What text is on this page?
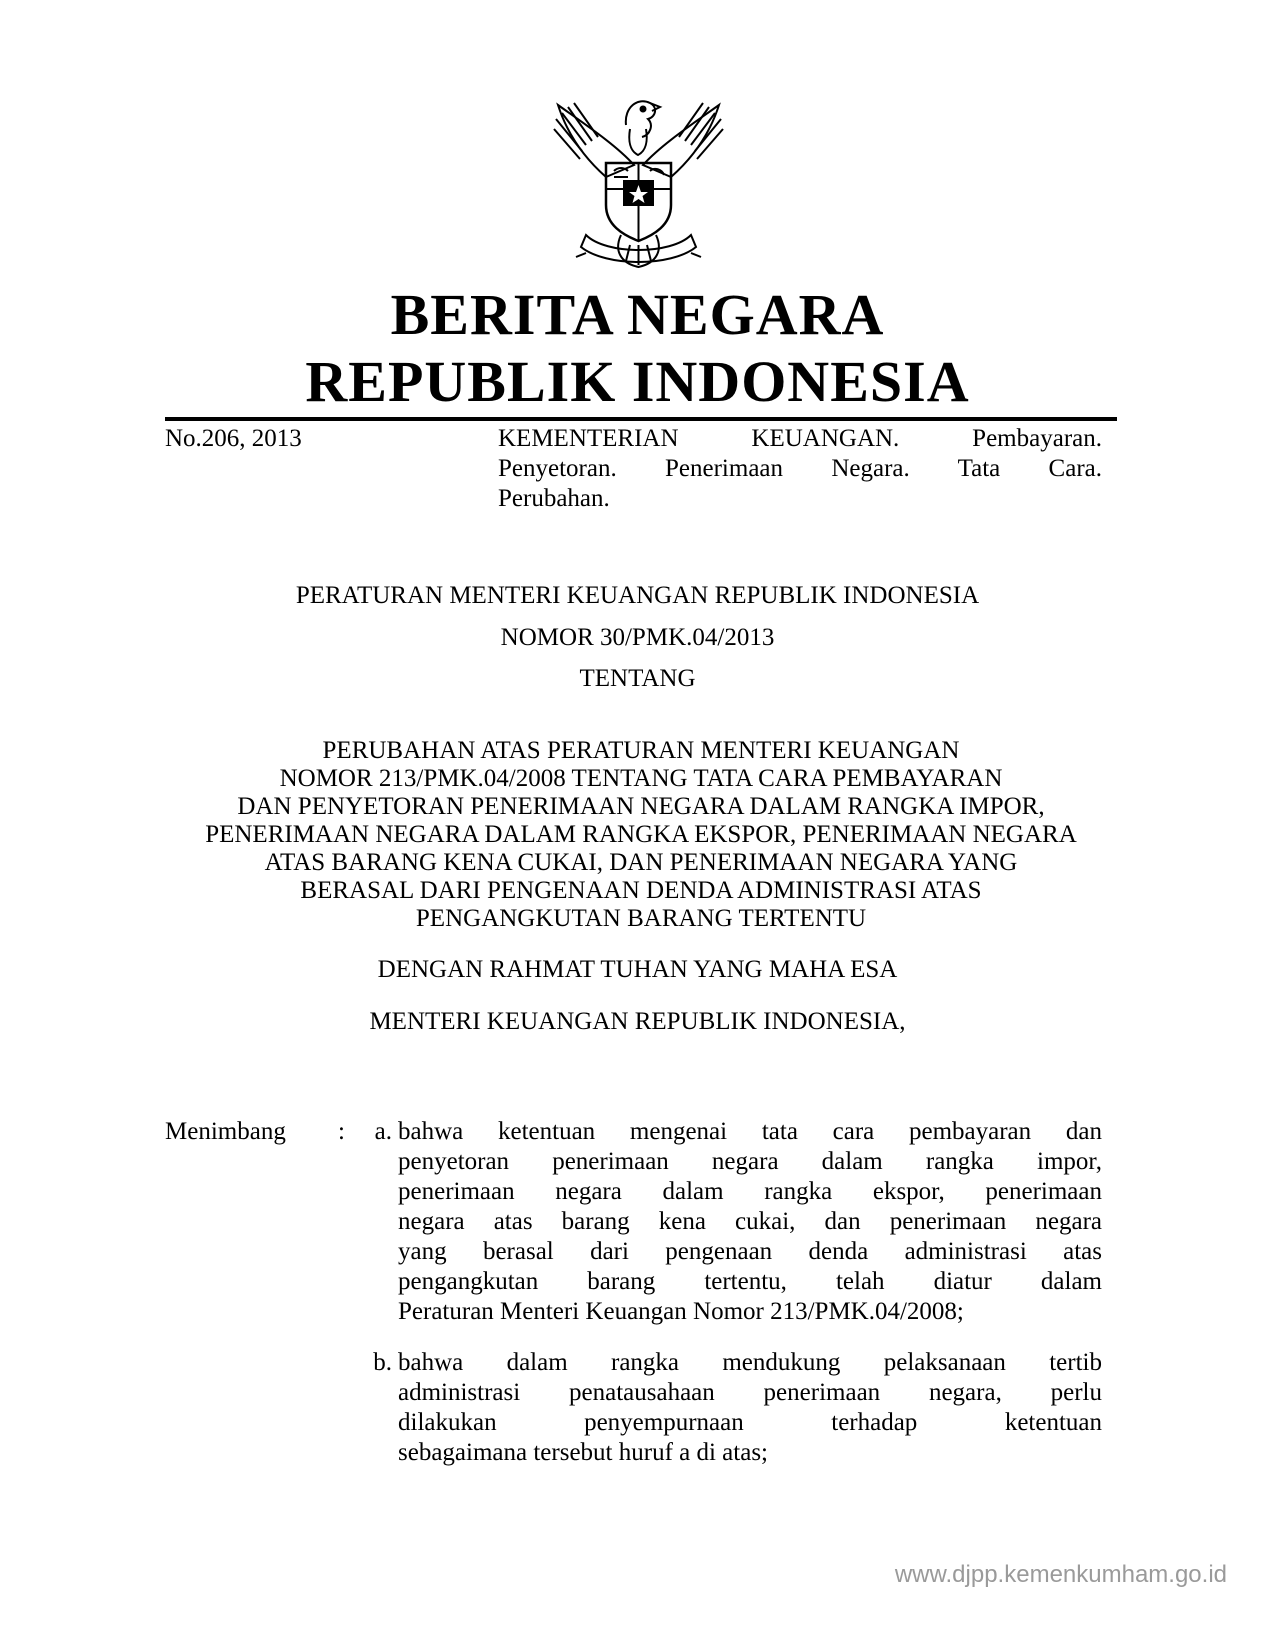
BERITA NEGARA
REPUBLIK INDONESIA
No.206, 2013	KEMENTERIAN KEUANGAN. Pembayaran.
Penyetoran. Penerimaan Negara. Tata Cara.
Perubahan.
PERATURAN MENTERI KEUANGAN REPUBLIK INDONESIA
NOMOR 30/PMK.04/2013
TENTANG
PERUBAHAN ATAS PERATURAN MENTERI KEUANGAN
NOMOR 213/PMK.04/2008 TENTANG TATA CARA PEMBAYARAN
DAN PENYETORAN PENERIMAAN NEGARA DALAM RANGKA IMPOR,
PENERIMAAN NEGARA DALAM RANGKA EKSPOR, PENERIMAAN NEGARA
ATAS BARANG KENA CUKAI, DAN PENERIMAAN NEGARA YANG
BERASAL DARI PENGENAAN DENDA ADMINISTRASI ATAS
PENGANGKUTAN BARANG TERTENTU
DENGAN RAHMAT TUHAN YANG MAHA ESA
MENTERI KEUANGAN REPUBLIK INDONESIA,
Menimbang :	a. bahwa ketentuan mengenai tata cara pembayaran dan
penyetoran penerimaan negara dalam rangka impor,
penerimaan negara dalam rangka ekspor, penerimaan
negara atas barang kena cukai, dan penerimaan negara
yang berasal dari pengenaan denda administrasi atas
pengangkutan barang tertentu, telah diatur dalam
Peraturan Menteri Keuangan Nomor 213/PMK.04/2008;
b. bahwa dalam rangka mendukung pelaksanaan tertib
administrasi penatausahaan penerimaan negara, perlu
dilakukan penyempurnaan terhadap ketentuan
sebagaimana tersebut huruf a di atas;
www.djpp.kemenkumham.go.id
